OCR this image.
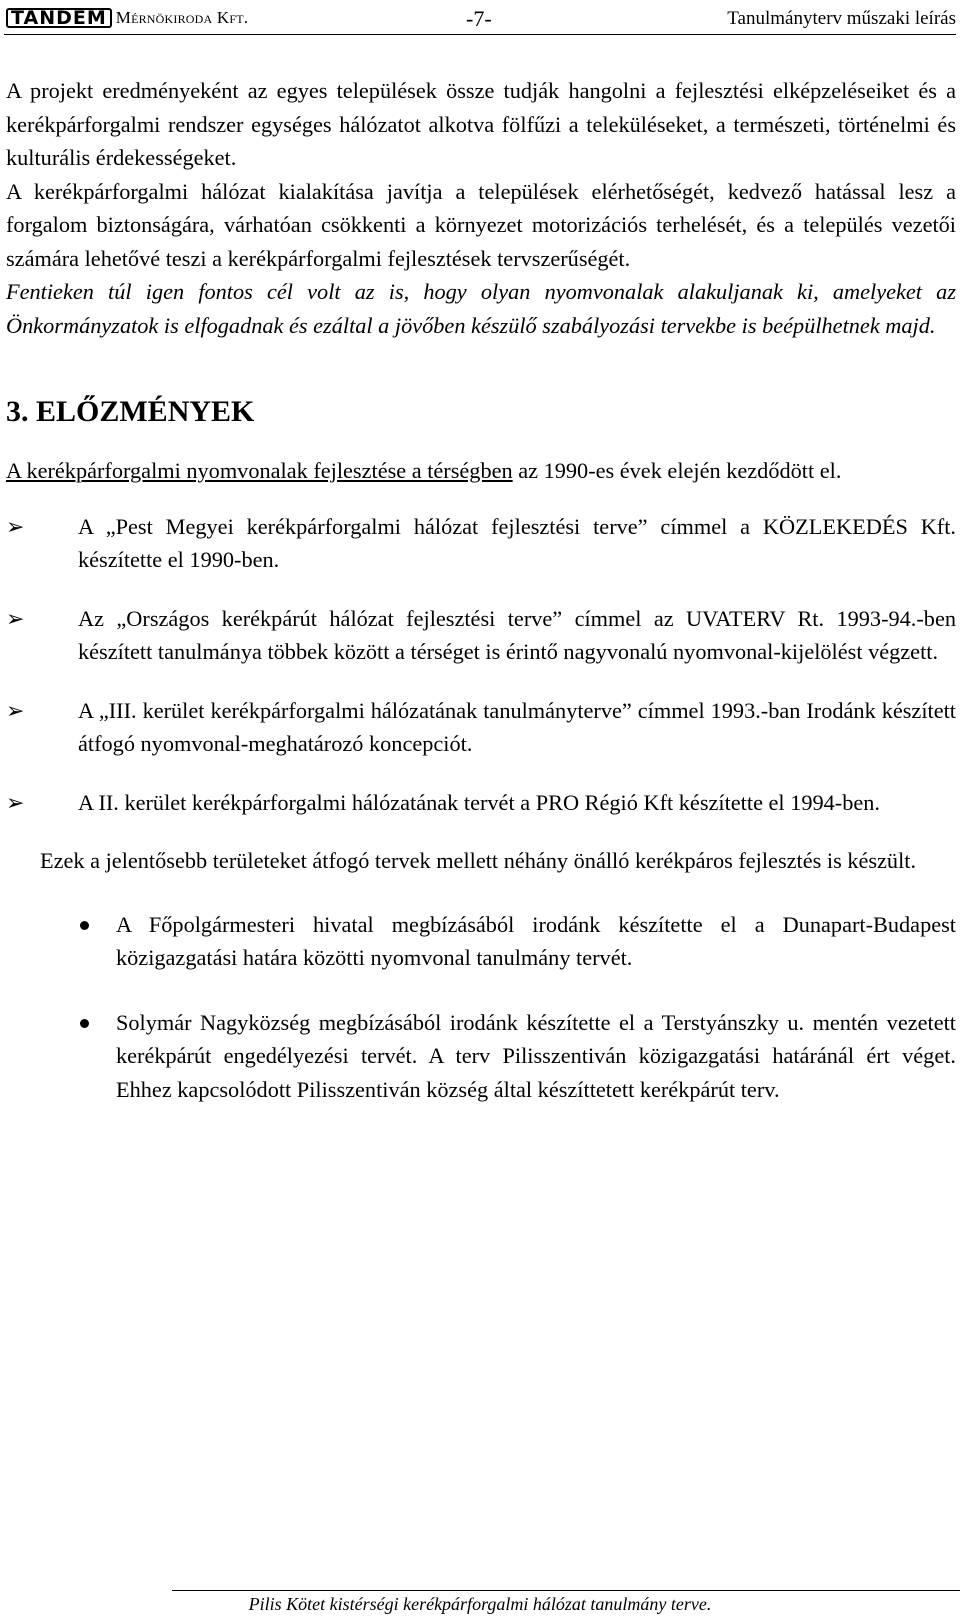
TANDEM Mérnökiroda Kft.	-7-	Tanulmányterv műszaki leírás

A projekt eredményeként az egyes települések össze tudják hangolni a fejlesztési elképzeléseiket és a kerékpárforgalmi rendszer egységes hálózatot alkotva fölfűzi a teleküléseket, a természeti, történelmi és kulturális érdekességeket.

A kerékpárforgalmi hálózat kialakítása javítja a települések elérhetőségét, kedvező hatással lesz a forgalom biztonságára, várhatóan csökkenti a környezet motorizációs terhelését, és a település vezetői számára lehetővé teszi a kerékpárforgalmi fejlesztések tervszerűségét.

Fentieken túl igen fontos cél volt az is, hogy olyan nyomvonalak alakuljanak ki, amelyeket az Önkormányzatok is elfogadnak és ezáltal a jövőben készülő szabályozási tervekbe is beépülhetnek majd.

3. ELŐZMÉNYEK

A kerékpárforgalmi nyomvonalak fejlesztése a térségben az 1990-es évek elején kezdődött el.

➢ A „Pest Megyei kerékpárforgalmi hálózat fejlesztési terve” címmel a KÖZLEKEDÉS Kft. készítette el 1990-ben.
➢ Az „Országos kerékpárút hálózat fejlesztési terve” címmel az UVATERV Rt. 1993-94.-ben készített tanulmánya többek között a térséget is érintő nagyvonalú nyomvonal-kijelölést végzett.
➢ A „III. kerület kerékpárforgalmi hálózatának tanulmányterve” címmel 1993.-ban Irodánk készített átfogó nyomvonal-meghatározó koncepciót.
➢ A II. kerület kerékpárforgalmi hálózatának tervét a PRO Régió Kft készítette el 1994-ben.

Ezek a jelentősebb területeket átfogó tervek mellett néhány önálló kerékpáros fejlesztés is készült.

A Főpolgármesteri hivatal megbízásából irodánk készítette el a Dunapart-Budapest közigazgatási határa közötti nyomvonal tanulmány tervét.
Solymár Nagyközség megbízásából irodánk készítette el a Terstyánszky u. mentén vezetett kerékpárút engedélyezési tervét. A terv Pilisszentiván közigazgatási határánál ért véget. Ehhez kapcsolódott Pilisszentiván község által készíttetett kerékpárút terv.
Pilis Kötet kistérségi kerékpárforgalmi hálózat tanulmány terve.
